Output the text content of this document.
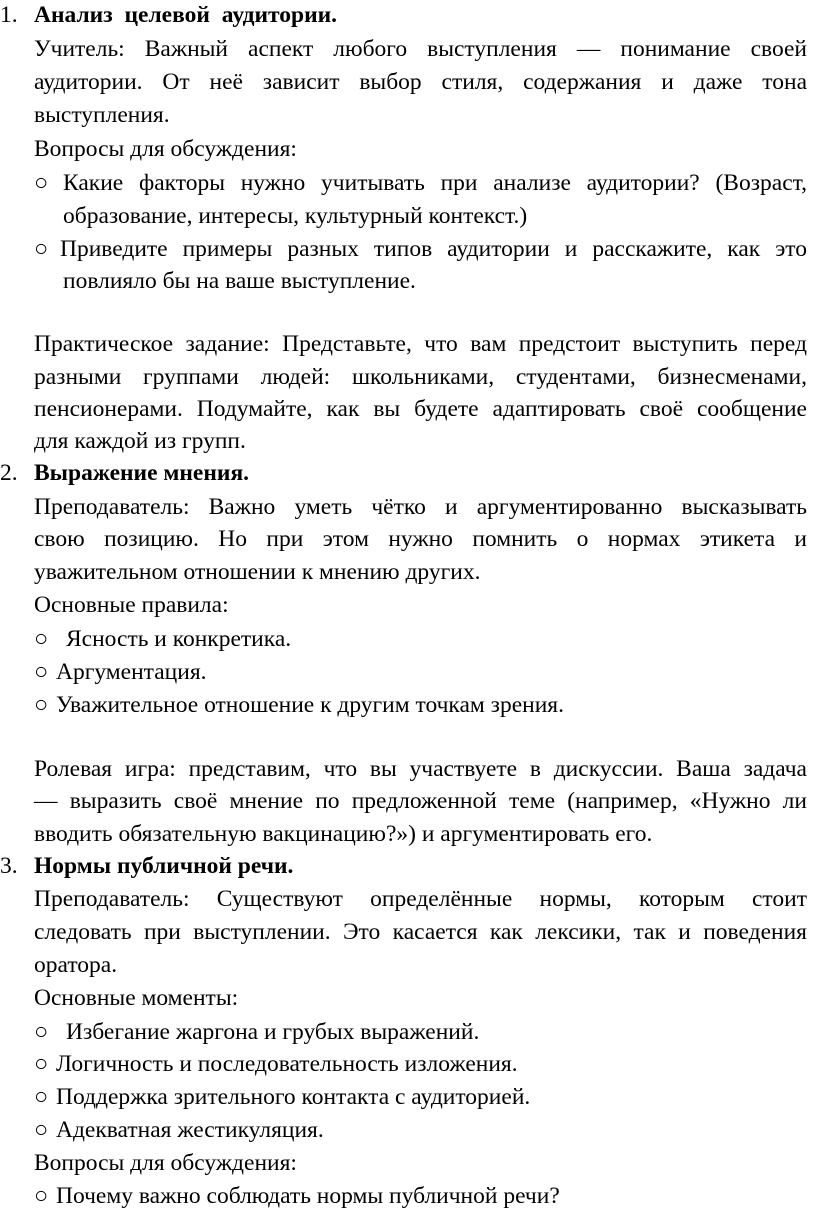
1. Анализ целевой аудитории.
Учитель: Важный аспект любого выступления — понимание своей
аудитории. От неё зависит выбор стиля, содержания и даже тона
выступления.
Вопросы для обсуждения:
○ Какие факторы нужно учитывать при анализе аудитории? (Возраст,
образование, интересы, культурный контекст.)
○ Приведите примеры разных типов аудитории и расскажите, как это
повлияло бы на ваше выступление.
Практическое задание: Представьте, что вам предстоит выступить перед
разными группами людей: школьниками, студентами, бизнесменами,
пенсионерами. Подумайте, как вы будете адаптировать своё сообщение
для каждой из групп.
2. Выражение мнения.
Преподаватель: Важно уметь чётко и аргументированно высказывать
свою позицию. Но при этом нужно помнить о нормах этикета и
уважительном отношении к мнению других.
Основные правила:
○ Ясность и конкретика.
○ Аргументация.
○ Уважительное отношение к другим точкам зрения.
Ролевая игра: представим, что вы участвуете в дискуссии. Ваша задача
— выразить своё мнение по предложенной теме (например, «Нужно ли
вводить обязательную вакцинацию?») и аргументировать его.
3. Нормы публичной речи.
Преподаватель: Существуют определённые нормы, которым стоит
следовать при выступлении. Это касается как лексики, так и поведения
оратора.
Основные моменты:
○ Избегание жаргона и грубых выражений.
○ Логичность и последовательность изложения.
○ Поддержка зрительного контакта с аудиторией.
○ Адекватная жестикуляция.
Вопросы для обсуждения:
○ Почему важно соблюдать нормы публичной речи?
